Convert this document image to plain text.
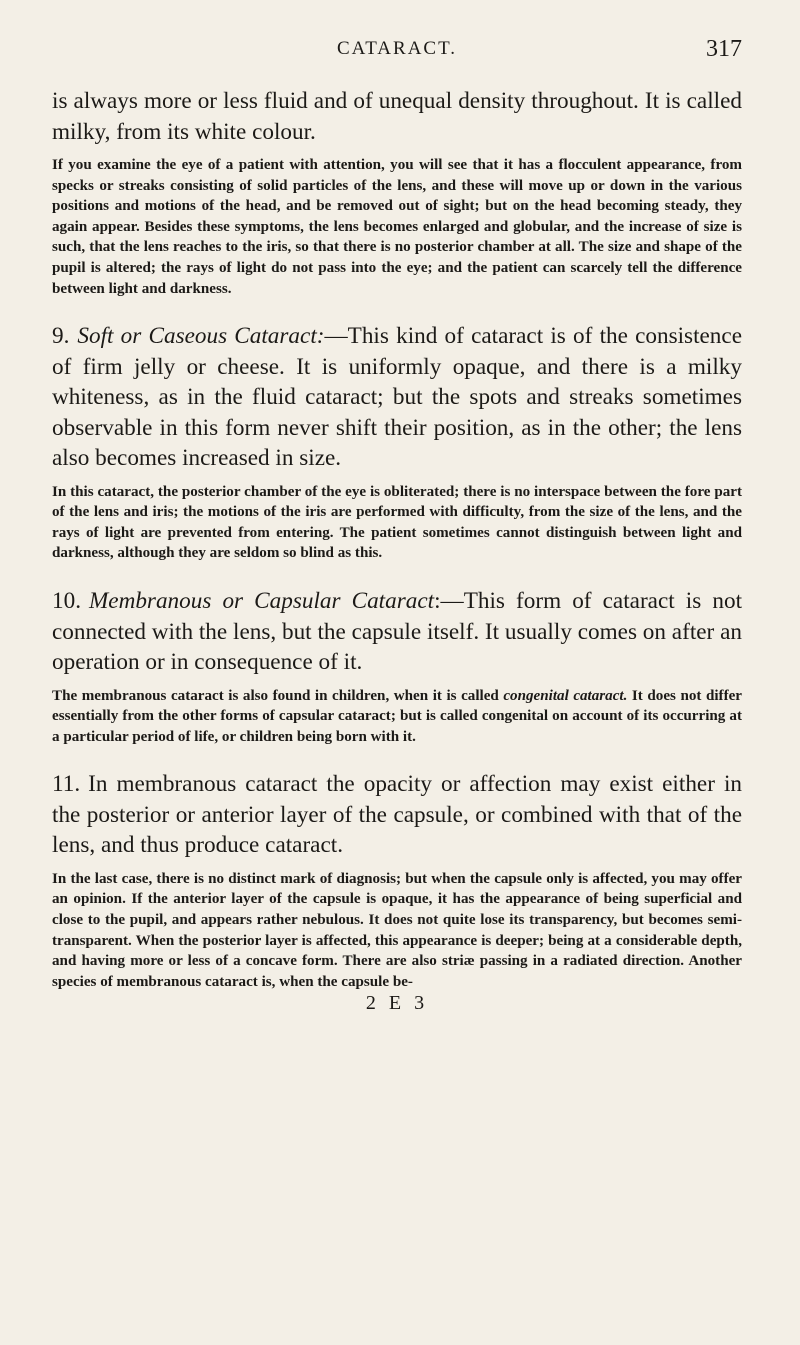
CATARACT.	317

is always more or less fluid and of unequal density throughout. It is called milky, from its white colour.

If you examine the eye of a patient with attention, you will see that it has a flocculent appearance, from specks or streaks consisting of solid particles of the lens, and these will move up or down in the various positions and motions of the head, and be removed out of sight; but on the head becoming steady, they again appear. Besides these symptoms, the lens becomes enlarged and globular, and the increase of size is such, that the lens reaches to the iris, so that there is no posterior chamber at all. The size and shape of the pupil is altered; the rays of light do not pass into the eye; and the patient can scarcely tell the difference between light and darkness.

9. Soft or Caseous Cataract:—This kind of cataract is of the consistence of firm jelly or cheese. It is uniformly opaque, and there is a milky whiteness, as in the fluid cataract; but the spots and streaks sometimes observable in this form never shift their position, as in the other; the lens also becomes increased in size.

In this cataract, the posterior chamber of the eye is obliterated; there is no interspace between the fore part of the lens and iris; the motions of the iris are performed with difficulty, from the size of the lens, and the rays of light are prevented from entering. The patient sometimes cannot distinguish between light and darkness, although they are seldom so blind as this.

10. Membranous or Capsular Cataract:—This form of cataract is not connected with the lens, but the capsule itself. It usually comes on after an operation or in consequence of it.

The membranous cataract is also found in children, when it is called congenital cataract. It does not differ essentially from the other forms of capsular cataract; but is called congenital on account of its occurring at a particular period of life, or children being born with it.

11. In membranous cataract the opacity or affection may exist either in the posterior or anterior layer of the capsule, or combined with that of the lens, and thus produce cataract.

In the last case, there is no distinct mark of diagnosis; but when the capsule only is affected, you may offer an opinion. If the anterior layer of the capsule is opaque, it has the appearance of being superficial and close to the pupil, and appears rather nebulous. It does not quite lose its transparency, but becomes semi-transparent. When the posterior layer is affected, this appearance is deeper; being at a considerable depth, and having more or less of a concave form. There are also striæ passing in a radiated direction. Another species of membranous cataract is, when the capsule be-

2 E 3
